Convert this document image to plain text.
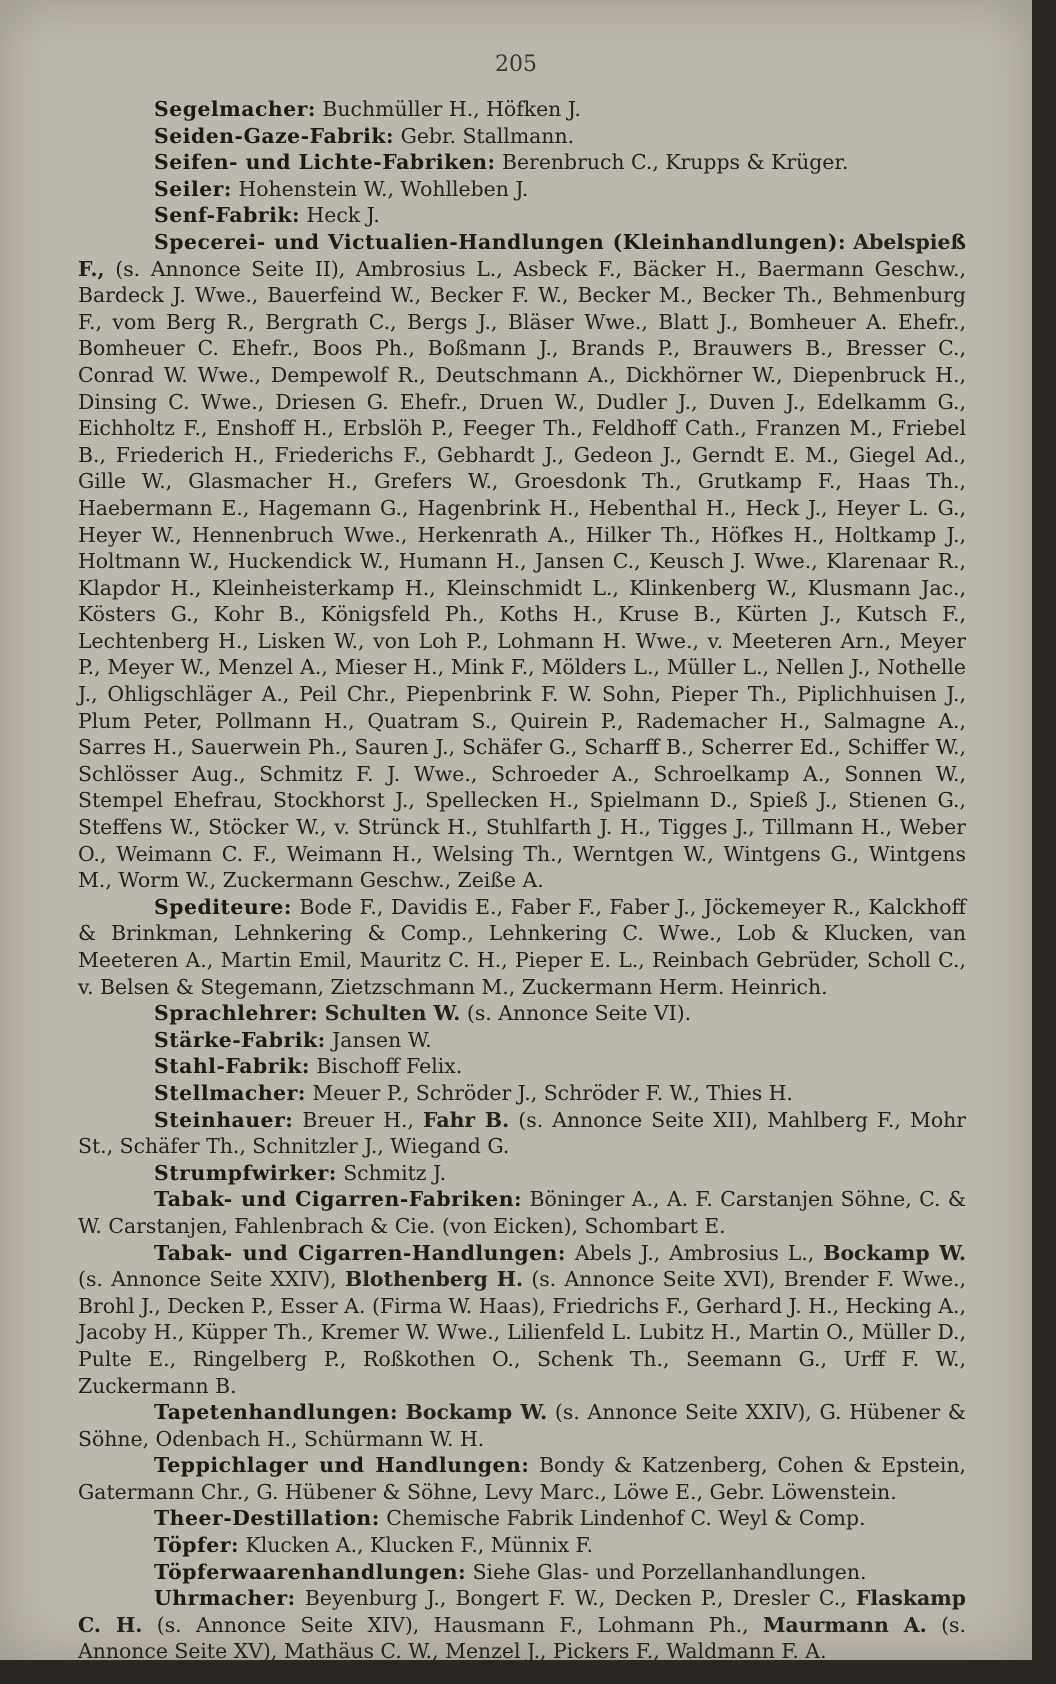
205

Segelmacher: Buchmüller H., Höfken J.

Seiden-Gaze-Fabrik: Gebr. Stallmann.

Seifen- und Lichte-Fabriken: Berenbruch C., Krupps & Krüger.

Seiler: Hohenstein W., Wohlleben J.

Senf-Fabrik: Heck J.

Specerei- und Victualien-Handlungen (Kleinhandlungen): Abelspieß F., (s. Annonce Seite II), Ambrosius L., Asbeck F., Bäcker H., Baermann Geschw., Bardeck J. Wwe., Bauerfeind W., Becker F. W., Becker M., Becker Th., Behmenburg F., vom Berg R., Bergrath C., Bergs J., Bläser Wwe., Blatt J., Bomheuer A. Ehefr., Bomheuer C. Ehefr., Boos Ph., Boßmann J., Brands P., Brauwers B., Bresser C., Conrad W. Wwe., Dempewolf R., Deutschmann A., Dickhörner W., Diepenbruck H., Dinsing C. Wwe., Driesen G. Ehefr., Druen W., Dudler J., Duven J., Edelkamm G., Eichholtz F., Enshoff H., Erbslöh P., Feeger Th., Feldhoff Cath., Franzen M., Friebel B., Friederich H., Friederichs F., Gebhardt J., Gedeon J., Gerndt E. M., Giegel Ad., Gille W., Glasmacher H., Grefers W., Groesdonk Th., Grutkamp F., Haas Th., Haebermann E., Hagemann G., Hagenbrink H., Hebenthal H., Heck J., Heyer L. G., Heyer W., Hennenbruch Wwe., Herkenrath A., Hilker Th., Höfkes H., Holtkamp J., Holtmann W., Huckendick W., Humann H., Jansen C., Keusch J. Wwe., Klarenaar R., Klapdor H., Kleinheisterkamp H., Kleinschmidt L., Klinkenberg W., Klusmann Jac., Kösters G., Kohr B., Königsfeld Ph., Koths H., Kruse B., Kürten J., Kutsch F., Lechtenberg H., Lisken W., von Loh P., Lohmann H. Wwe., v. Meeteren Arn., Meyer P., Meyer W., Menzel A., Mieser H., Mink F., Mölders L., Müller L., Nellen J., Nothelle J., Ohligschläger A., Peil Chr., Piepenbrink F. W. Sohn, Pieper Th., Piplichhuisen J., Plum Peter, Pollmann H., Quatram S., Quirein P., Rademacher H., Salmagne A., Sarres H., Sauerwein Ph., Sauren J., Schäfer G., Scharff B., Scherrer Ed., Schiffer W., Schlösser Aug., Schmitz F. J. Wwe., Schroeder A., Schroelkamp A., Sonnen W., Stempel Ehefrau, Stockhorst J., Spellecken H., Spielmann D., Spieß J., Stienen G., Steffens W., Stöcker W., v. Strünck H., Stuhlfarth J. H., Tigges J., Tillmann H., Weber O., Weimann C. F., Weimann H., Welsing Th., Werntgen W., Wintgens G., Wintgens M., Worm W., Zuckermann Geschw., Zeiße A.

Spediteure: Bode F., Davidis E., Faber F., Faber J., Jöckemeyer R., Kalckhoff & Brinkman, Lehnkering & Comp., Lehnkering C. Wwe., Lob & Klucken, van Meeteren A., Martin Emil, Mauritz C. H., Pieper E. L., Reinbach Gebrüder, Scholl C., v. Belsen & Stegemann, Zietzschmann M., Zuckermann Herm. Heinrich.

Sprachlehrer: Schulten W. (s. Annonce Seite VI).

Stärke-Fabrik: Jansen W.

Stahl-Fabrik: Bischoff Felix.

Stellmacher: Meuer P., Schröder J., Schröder F. W., Thies H.

Steinhauer: Breuer H., Fahr B. (s. Annonce Seite XII), Mahlberg F., Mohr St., Schäfer Th., Schnitzler J., Wiegand G.

Strumpfwirker: Schmitz J.

Tabak- und Cigarren-Fabriken: Böninger A., A. F. Carstanjen Söhne, C. & W. Carstanjen, Fahlenbrach & Cie. (von Eicken), Schombart E.

Tabak- und Cigarren-Handlungen: Abels J., Ambrosius L., Bockamp W. (s. Annonce Seite XXIV), Blothenberg H. (s. Annonce Seite XVI), Brender F. Wwe., Brohl J., Decken P., Esser A. (Firma W. Haas), Friedrichs F., Gerhard J. H., Hecking A., Jacoby H., Küpper Th., Kremer W. Wwe., Lilienfeld L. Lubitz H., Martin O., Müller D., Pulte E., Ringelberg P., Roßkothen O., Schenk Th., Seemann G., Urff F. W., Zuckermann B.

Tapetenhandlungen: Bockamp W. (s. Annonce Seite XXIV), G. Hübener & Söhne, Odenbach H., Schürmann W. H.

Teppichlager und Handlungen: Bondy & Katzenberg, Cohen & Epstein, Gatermann Chr., G. Hübener & Söhne, Levy Marc., Löwe E., Gebr. Löwenstein.

Theer-Destillation: Chemische Fabrik Lindenhof C. Weyl & Comp.

Töpfer: Klucken A., Klucken F., Münnix F.

Töpferwaarenhandlungen: Siehe Glas- und Porzellanhandlungen.

Uhrmacher: Beyenburg J., Bongert F. W., Decken P., Dresler C., Flaskamp C. H. (s. Annonce Seite XIV), Hausmann F., Lohmann Ph., Maurmann A. (s. Annonce Seite XV), Mathäus C. W., Menzel J., Pickers F., Waldmann F. A.
